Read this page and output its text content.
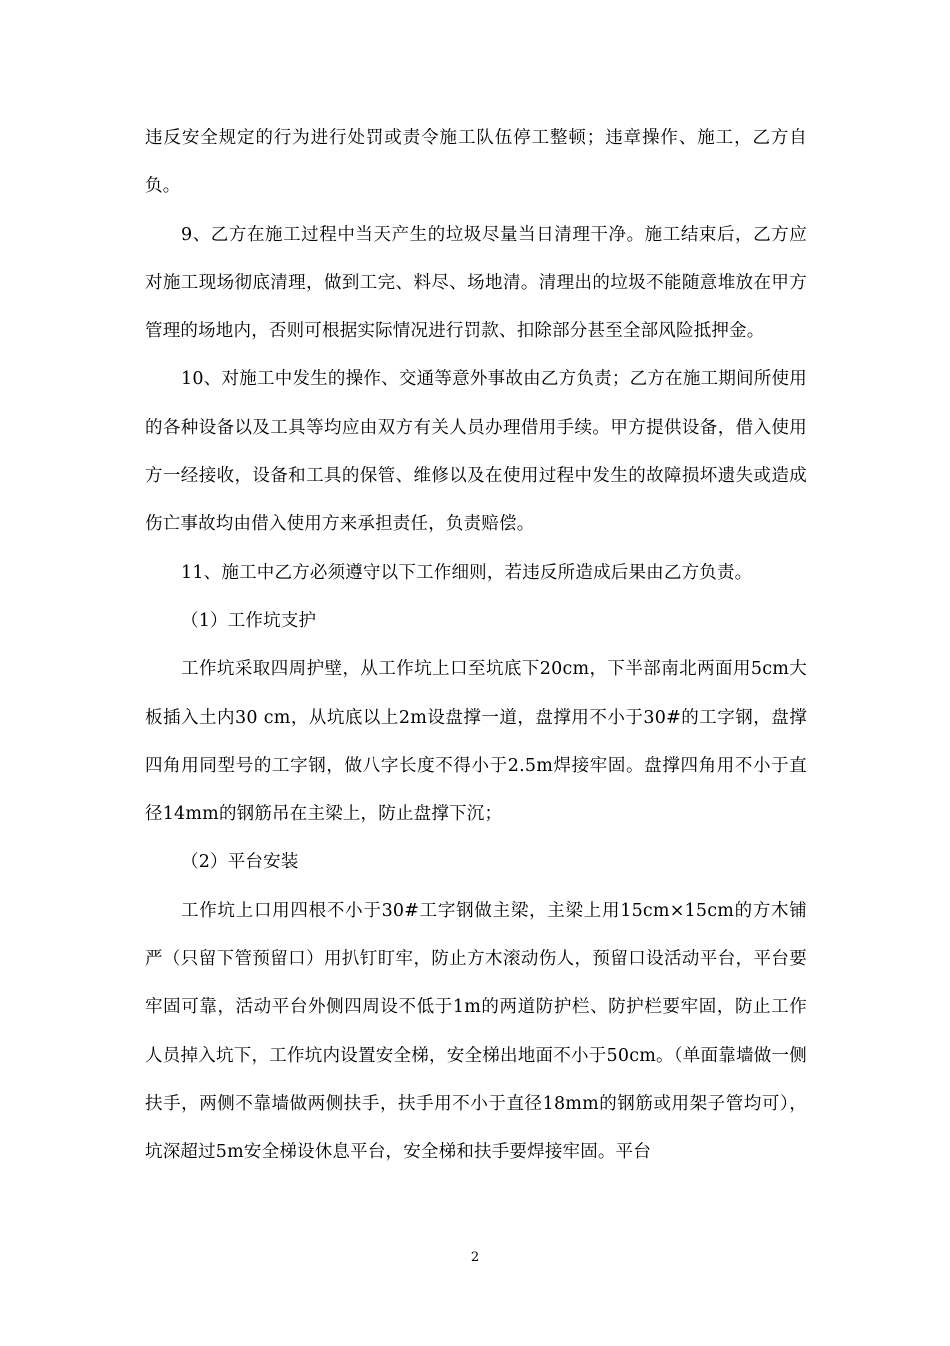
违反安全规定的行为进行处罚或责令施工队伍停工整顿；违章操作、施工，乙方自负。

9、乙方在施工过程中当天产生的垃圾尽量当日清理干净。施工结束后，乙方应对施工现场彻底清理，做到工完、料尽、场地清。清理出的垃圾不能随意堆放在甲方管理的场地内，否则可根据实际情况进行罚款、扣除部分甚至全部风险抵押金。

10、对施工中发生的操作、交通等意外事故由乙方负责；乙方在施工期间所使用的各种设备以及工具等均应由双方有关人员办理借用手续。甲方提供设备，借入使用方一经接收，设备和工具的保管、维修以及在使用过程中发生的故障损坏遗失或造成伤亡事故均由借入使用方来承担责任，负责赔偿。

11、施工中乙方必须遵守以下工作细则，若违反所造成后果由乙方负责。

（1）工作坑支护

工作坑采取四周护壁，从工作坑上口至坑底下20cm，下半部南北两面用5cm大板插入土内30 cm，从坑底以上2m设盘撑一道，盘撑用不小于30#的工字钢，盘撑四角用同型号的工字钢，做八字长度不得小于2.5m焊接牢固。盘撑四角用不小于直径14mm的钢筋吊在主梁上，防止盘撑下沉；

（2）平台安装

工作坑上口用四根不小于30#工字钢做主梁，主梁上用15cm×15cm的方木铺严（只留下管预留口）用扒钉盯牢，防止方木滚动伤人，预留口设活动平台，平台要牢固可靠，活动平台外侧四周设不低于1m的两道防护栏、防护栏要牢固，防止工作人员掉入坑下，工作坑内设置安全梯，安全梯出地面不小于50cm。（单面靠墙做一侧扶手，两侧不靠墙做两侧扶手，扶手用不小于直径18mm的钢筋或用架子管均可），坑深超过5m安全梯设休息平台，安全梯和扶手要焊接牢固。平台

2
